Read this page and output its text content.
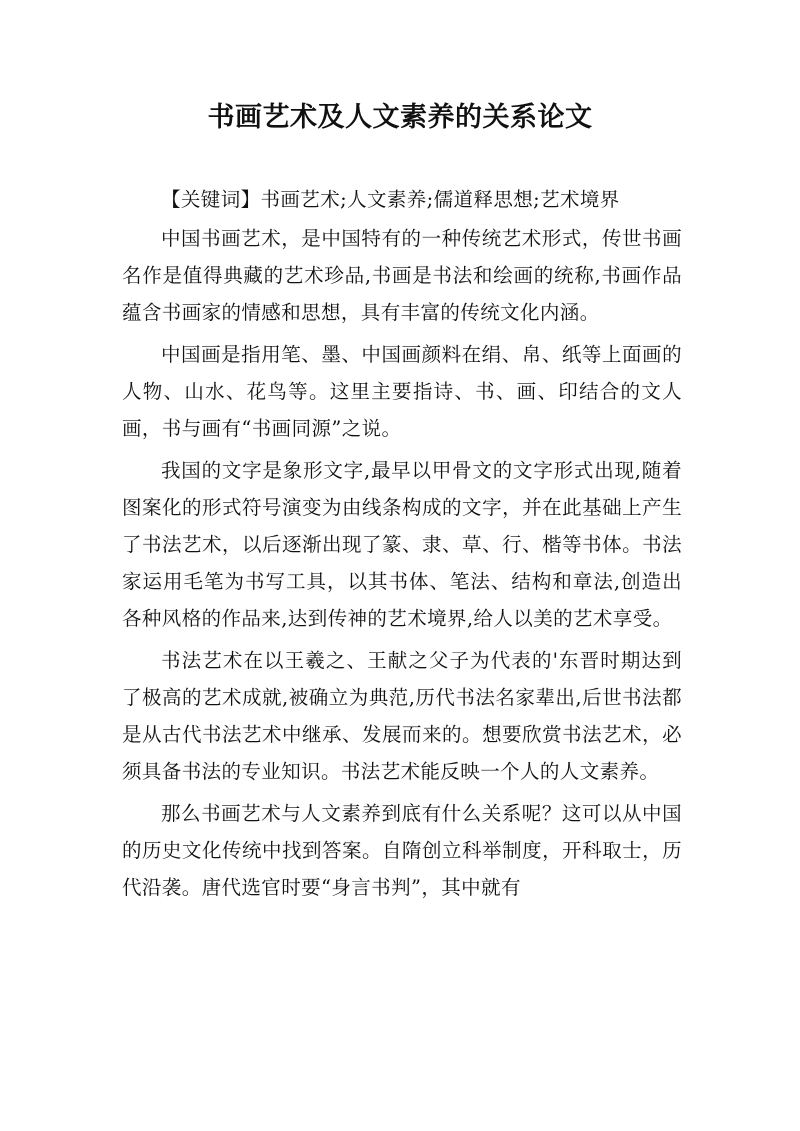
书画艺术及人文素养的关系论文

【关键词】书画艺术;人文素养;儒道释思想;艺术境界

中国书画艺术，是中国特有的一种传统艺术形式，传世书画名作是值得典藏的艺术珍品,书画是书法和绘画的统称,书画作品蕴含书画家的情感和思想，具有丰富的传统文化内涵。

中国画是指用笔、墨、中国画颜料在绢、帛、纸等上面画的人物、山水、花鸟等。这里主要指诗、书、画、印结合的文人画，书与画有“书画同源”之说。

我国的文字是象形文字,最早以甲骨文的文字形式出现,随着图案化的形式符号演变为由线条构成的文字，并在此基础上产生了书法艺术，以后逐渐出现了篆、隶、草、行、楷等书体。书法家运用毛笔为书写工具，以其书体、笔法、结构和章法,创造出各种风格的作品来,达到传神的艺术境界,给人以美的艺术享受。

书法艺术在以王羲之、王献之父子为代表的'东晋时期达到了极高的艺术成就,被确立为典范,历代书法名家辈出,后世书法都是从古代书法艺术中继承、发展而来的。想要欣赏书法艺术，必须具备书法的专业知识。书法艺术能反映一个人的人文素养。

那么书画艺术与人文素养到底有什么关系呢？这可以从中国的历史文化传统中找到答案。自隋创立科举制度，开科取士，历代沿袭。唐代选官时要“身言书判”，其中就有
